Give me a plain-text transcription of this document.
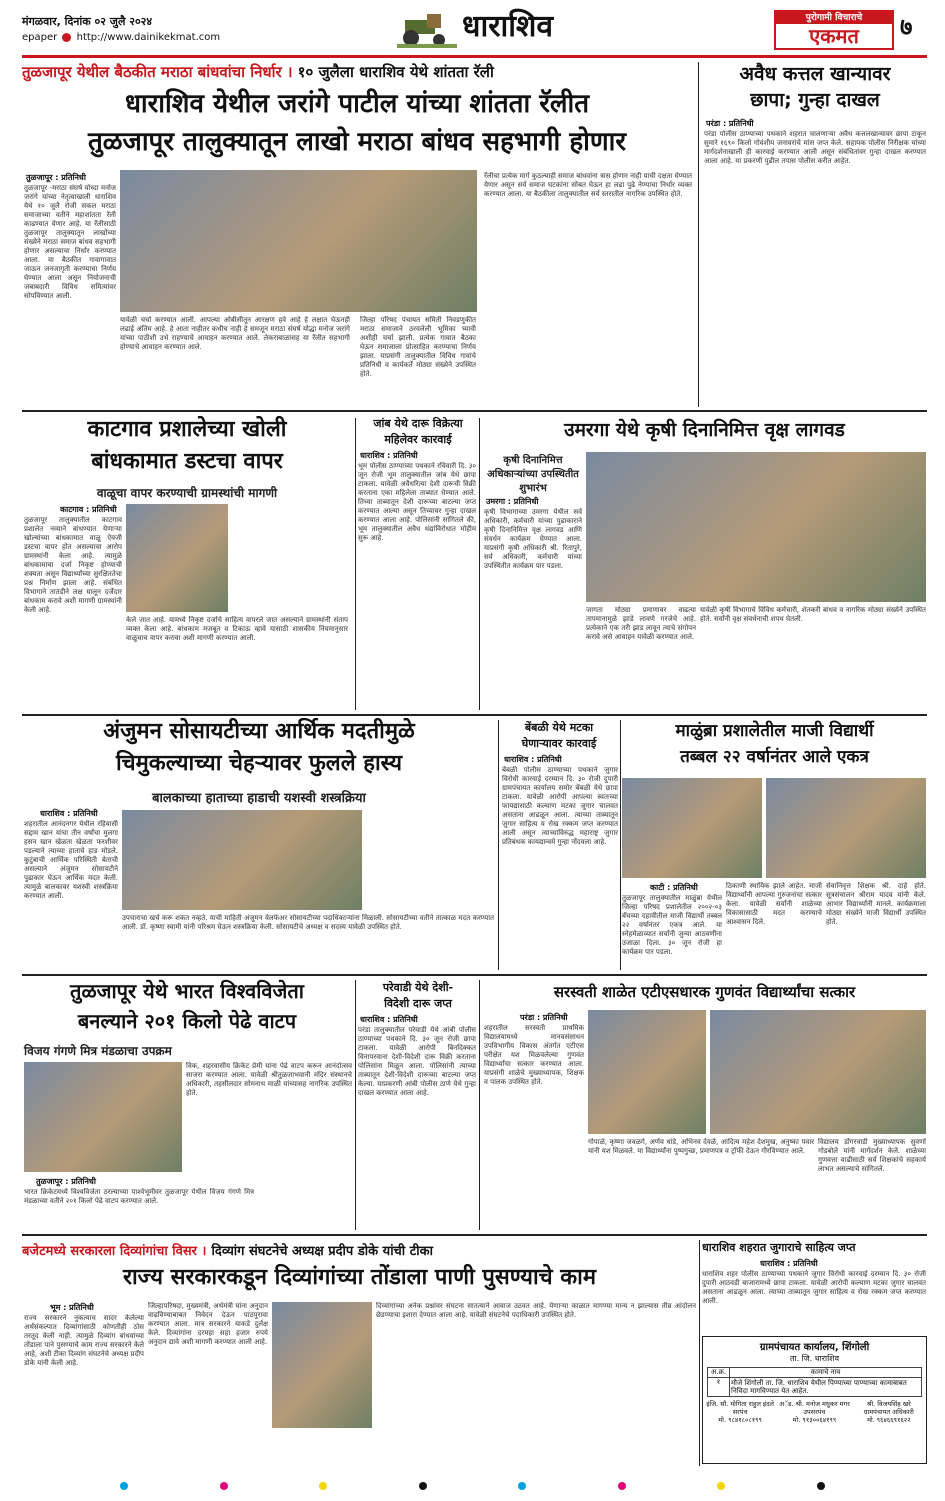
मंगळवार, दिनांक ०२ जुलै २०२४
epaper http://www.dainikekmat.com	धाराशिव	पुरोगामी विचाराचे
एकमत	७
तुळजापूर येथील बैठकीत मराठा बांधवांचा निर्धार । १० जुलैला धाराशिव येथे शांतता रॅली
धाराशिव येथील जरांगे पाटील यांच्या शांतता रॅलीत
तुळजापूर तालुक्यातून लाखो मराठा बांधव सहभागी होणार
तुळजापूर : प्रतिनिधी
तुळजापूर -मराठा संघर्ष योध्दा मनोज जरांगे यांच्या नेतृत्वाखाली धाराशिव येथे १० जुलै रोजी सकल मराठा समाजाच्या वतीने महाशांतता रॅली काढण्यात येणार आहे. या रॅलीसाठी तुळजापूर तालुक्यातून लाखोंच्या संख्येने मराठा समाज बांधव सहभागी होणार असल्याचा निर्धार करण्यात आला. या बैठकीत गावागावात जाऊन जनजागृती करण्याचा निर्णय घेण्यात आला असून नियोजनाची जबाबदारी विविध समित्यांवर सोपविण्यात आली.
यावेळी चर्चा करण्यात आली. आपल्या ओबीसीतून आरक्षण हवे आहे हे लक्षात घेऊनही लढाई अंतिम आहे. हे आता नाहीतर कधीच नाही हे समजून मराठा संघर्ष योद्धा मनोज जरांगे यांच्या पाठीशी उभे राहण्याचे आवाहन करण्यात आले. लेकराबाळासह या रॅलीत सहभागी होण्याचे आवाहन करण्यात आले.
जिल्हा परिषद पंचायत समिती निवडणुकीत मराठा समाजाने ठरवलेली भूमिका घ्यावी अशीही चर्चा झाली. प्रत्येक गावात बैठका घेऊन समाजाला प्रोत्साहित करण्याचा निर्णय झाला. याप्रसंगी तालुक्यातील विविध गावांचे प्रतिनिधी व कार्यकर्ते मोठ्या संख्येने उपस्थित होते.
रॅलीचा प्रत्येक मार्ग कुठल्याही समाज बांधवांना त्रास होणार नाही याची दक्षता घेण्यात येणार असून सर्व समाज घटकांना सोबत घेऊन हा लढा पुढे नेण्याचा निर्धार व्यक्त करण्यात आला. या बैठकीला तालुक्यातील सर्व स्तरातील नागरिक उपस्थित होते.
अवैध कत्तल खान्यावर
छापा; गुन्हा दाखल
परंडा : प्रतिनिधी
परंडा पोलीस ठाण्याच्या पथकाने शहरात चालणाऱ्या अवैध कत्तलखान्यावर छापा टाकून सुमारे १६९० किलो गोवंशीय जनावरांचे मांस जप्त केले. सहायक पोलीस निरीक्षक यांच्या मार्गदर्शनाखाली ही कारवाई करण्यात आली असून संबंधितांवर गुन्हा दाखल करण्यात आला आहे. या प्रकरणी पुढील तपास पोलीस करीत आहेत.
काटगाव प्रशालेच्या खोली
बांधकामात डस्टचा वापर
वाळूचा वापर करण्याची ग्रामस्थांची मागणी
काटगाव : प्रतिनिधी
तुळजापूर तालुक्यातील काटगाव प्रशालेत नव्याने बांधण्यात येणाऱ्या खोल्यांच्या बांधकामात वाळू ऐवजी डस्टचा वापर होत असल्याचा आरोप ग्रामस्थांनी केला आहे. त्यामुळे बांधकामाचा दर्जा निकृष्ट होण्याची शक्यता असून विद्यार्थ्यांच्या सुरक्षिततेचा प्रश्न निर्माण झाला आहे. संबंधित विभागाने तातडीने लक्ष घालून दर्जेदार बांधकाम करावे अशी मागणी ग्रामस्थांनी केली आहे.
केले जात आहे. यामध्ये निकृष्ट दर्जाचे साहित्य वापरले जात असल्याने ग्रामस्थांनी संताप व्यक्त केला आहे. बांधकाम मजबूत व टिकाऊ व्हावे यासाठी शासकीय नियमानुसार वाळूचाच वापर करावा अशी मागणी करण्यात आली.
जांब येथे दारू विक्रेत्या
महिलेवर कारवाई
धाराशिव : प्रतिनिधी
भूम पोलीस ठाण्याच्या पथकाने रविवारी दि. ३० जून रोजी भूम तालुक्यातील जांब येथे छापा टाकला. यावेळी अवैधरित्या देशी दारूची विक्री करताना एका महिलेला ताब्यात घेण्यात आले. तिच्या ताब्यातून देशी दारूच्या बाटल्या जप्त करण्यात आल्या असून तिच्यावर गुन्हा दाखल करण्यात आला आहे. पोलिसांनी सांगितले की, भूम तालुक्यातील अवैध धंद्यांविरोधात मोहीम सुरू आहे.
उमरगा येथे कृषी दिनानिमित्त वृक्ष लागवड
कृषी दिनानिमित्त अधिकाऱ्यांच्या उपस्थितीत शुभारंभ
उमरगा : प्रतिनिधी
कृषी विभागाच्या उमरगा येथील सर्व अधिकारी, कर्मचारी यांच्या पुढाकाराने कृषी दिनानिमित्त वृक्ष लागवड आणि संवर्धन कार्यक्रम घेण्यात आला. याप्रसंगी कृषी अधिकारी श्री. रितापुरे, सर्व अधिकारी, कर्मचारी यांच्या उपस्थितीत कार्यक्रम पार पडला.
जागता मोठ्या प्रमाणावर वाढत्या तापमानामुळे झाडे लावणे गरजेचे आहे. प्रत्येकाने एक तरी झाड लावून त्याचे संगोपन करावे असे आवाहन यावेळी करण्यात आले.
यावेळी कृषी विभागाचे विविध कर्मचारी, शेतकरी बांधव व नागरिक मोठ्या संख्येने उपस्थित होते. सर्वांनी वृक्ष संवर्धनाची शपथ घेतली.
अंजुमन सोसायटीच्या आर्थिक मदतीमुळे
चिमुकल्याच्या चेहऱ्यावर फुलले हास्य
बालकाच्या हाताच्या हाडाची यशस्वी शस्त्रक्रिया
धाराशिव : प्रतिनिधी
शहरातील आनंदनगर येथील रहिवासी सद्दाम खान यांचा तीन वर्षांचा मुलगा हसन खान खेळता खेळता फरशीवर पडल्याने त्याच्या हाताचे हाड मोडले. कुटुंबाची आर्थिक परिस्थिती बेताची असल्याने अंजुमन सोसायटीने पुढाकार घेऊन आर्थिक मदत केली. त्यामुळे बालकावर यशस्वी शस्त्रक्रिया करण्यात आली.
उपचाराचा खर्च करू शकत नव्हते. याची माहिती अंजुमन वेलफेअर सोसायटीच्या पदाधिकाऱ्यांना मिळाली. सोसायटीच्या वतीने तात्काळ मदत करण्यात आली. डॉ. कृष्णा स्वामी यांनी परिश्रम घेऊन शस्त्रक्रिया केली. सोसायटीचे अध्यक्ष व सदस्य यावेळी उपस्थित होते.
बेंबळी येथे मटका
घेणाऱ्यावर कारवाई
धाराशिव : प्रतिनिधी
बेंबळी पोलीस ठाण्याच्या पथकाने जुगार विरोधी कारवाई दरम्यान दि. ३० रोजी दुपारी ग्रामपंचायत कार्यालय समोर बेंबळी येथे छापा टाकला. यावेळी आरोपी आपल्या स्वतःच्या फायद्यासाठी कल्याण मटका जुगार चालवत असताना आढळून आला. त्याच्या ताब्यातून जुगार साहित्य व रोख रक्कम जप्त करण्यात आली असून त्याच्याविरुद्ध महाराष्ट्र जुगार प्रतिबंधक कायद्यान्वये गुन्हा नोंदवला आहे.
माळुंब्रा प्रशालेतील माजी विद्यार्थी
तब्बल २२ वर्षानंतर आले एकत्र
काटी : प्रतिनिधी
तुळजापूर तालुक्यातील माळुंब्रा येथील जिल्हा परिषद प्रशालेतील २००२-०३ बॅचच्या दहावीतील माजी विद्यार्थी तब्बल २२ वर्षानंतर एकत्र आले. या स्नेहमेळाव्यात सर्वांनी जुन्या आठवणींना उजाळा दिला. ३० जून रोजी हा कार्यक्रम पार पडला.
ठिकाणी स्थायिक झाले आहेत. माजी विद्यार्थ्यांनी आपल्या गुरुजनांचा सत्कार केला. यावेळी सर्वांनी शाळेच्या विकासासाठी मदत करण्याचे आश्वासन दिले.
सेवानिवृत्त शिक्षक श्री. दाहे होते. सूत्रसंचालन श्रीराम यादव यांनी केले. आभार विद्यार्थ्यांनी मानले. कार्यक्रमाला मोठ्या संख्येने माजी विद्यार्थी उपस्थित होते.
तुळजापूर येथे भारत विश्वविजेता
बनल्याने २०१ किलो पेढे वाटप
विजय गंगणे मित्र मंडळाचा उपक्रम
तुळजापूर : प्रतिनिधी
भारत क्रिकेटमध्ये विश्वविजेता ठरल्याच्या पार्श्वभूमीवर तुळजापूर येथील विजय गंगणे मित्र मंडळाच्या वतीने २०१ किलो पेढे वाटप करण्यात आले.
विक, शहरवासीय क्रिकेट प्रेमी यांना पेढे वाटप करून आनंदोत्सव साजरा करण्यात आला. यावेळी श्रीतुळजाभवानी मंदिर संस्थानचे अधिकारी, तहसीलदार सोमनाथ माळी यांच्यासह नागरिक उपस्थित होते.
परेवाडी येथे देशी-
विदेशी दारू जप्त
धाराशिव : प्रतिनिधी
परंडा तालुक्यातील परेवाडी येथे आंबी पोलीस ठाण्याच्या पथकाने दि. ३० जून रोजी छापा टाकला. यावेळी आरोपी बिनदिक्कत विनापरवाना देशी-विदेशी दारू विक्री करताना पोलिसांना मिळून आला. पोलिसांनी त्याच्या ताब्यातून देशी-विदेशी दारूच्या बाटल्या जप्त केल्या. याप्रकरणी आंबी पोलीस ठाणे येथे गुन्हा दाखल करण्यात आला आहे.
सरस्वती शाळेत एटीएसधारक गुणवंत विद्यार्थ्यांचा सत्कार
परंडा : प्रतिनिधी
शहरातील सरस्वती प्राथमिक विद्यालयामध्ये मानवसंसाधन उपविभागीय विकास अंतर्गत एटीएस परीक्षेत यश मिळवलेल्या गुणवंत विद्यार्थ्यांचा सत्कार करण्यात आला. याप्रसंगी शाळेचे मुख्याध्यापक, शिक्षक व पालक उपस्थित होते.
गोपाळे, कृष्णा जवळगे, अर्णव धांडे, अभिनव देवळे, आदित्य महेश देशमुख, अनुष्का पवार यांनी यश मिळवले. या विद्यार्थ्यांना पुष्पगुच्छ, प्रमाणपत्र व ट्रॉफी देऊन गौरविण्यात आले.
विद्यालय डोंगरवाडी मुख्याध्यापक सुवर्णा गोडबोले यांनी मार्गदर्शन केले. शाळेच्या गुणवत्ता वाढीसाठी सर्व शिक्षकांचे सहकार्य लाभत असल्याचे सांगितले.
बजेटमध्ये सरकारला दिव्यांगांचा विसर । दिव्यांग संघटनेचे अध्यक्ष प्रदीप डोके यांची टीका
राज्य सरकारकडून दिव्यांगांच्या तोंडाला पाणी पुसण्याचे काम
भूम : प्रतिनिधी
राज्य सरकारने नुकत्याच सादर केलेल्या अर्थसंकल्पात दिव्यांगांसाठी कोणतीही ठोस तरतूद केली नाही. त्यामुळे दिव्यांग बांधवांच्या तोंडाला पाने पुसण्याचे काम राज्य सरकारने केले आहे, अशी टीका दिव्यांग संघटनेचे अध्यक्ष प्रदीप डोके यांनी केली आहे.
जिल्हापरिषदा, मुख्यमंत्री, अर्थमंत्री यांना अनुदान वाढविण्याबाबत निवेदन देऊन पाठपुरावा करण्यात आला. मात्र सरकारने याकडे दुर्लक्ष केले. दिव्यांगांना दरमहा सहा हजार रुपये अनुदान द्यावे अशी मागणी करण्यात आली आहे.
दिव्यांगांच्या अनेक प्रश्नांवर संघटना सातत्याने आवाज उठवत आहे. येणाऱ्या काळात मागण्या मान्य न झाल्यास तीव्र आंदोलन छेडण्याचा इशारा देण्यात आला आहे. यावेळी संघटनेचे पदाधिकारी उपस्थित होते.
धाराशिव शहरात जुगाराचे साहित्य जप्त
धाराशिव : प्रतिनिधी
धाराशिव शहर पोलीस ठाण्याच्या पथकाने जुगार विरोधी कारवाई दरम्यान दि. ३० रोजी दुपारी आठवडी बाजारामध्ये छापा टाकला. यावेळी आरोपी कल्याण मटका जुगार चालवत असताना आढळून आला. त्याच्या ताब्यातून जुगार साहित्य व रोख रक्कम जप्त करण्यात आली.
ग्रामपंचायत कार्यालय, शिंगोली
ता. जि. धाराशिव
अ.क्र.	कामाचे नाव
१	मौजे शिंगोली ता. जि. धाराशिव येथील पिण्याच्या पाण्याच्या कामाबाबत निविदा मागविण्यात येत आहेत.
इंजि. सौ. योगिता राहुल इंदले
सरपंच
मो. ९८४१८०८१९९
अॅड. श्री. मनोज मधुकर मगर
उपसरपंच
मो. ९१३००६४१९९
श्री. विजयसिंह खरे
ग्रामपंचायत अधिकारी
मो. ९६४६६९१६२२
